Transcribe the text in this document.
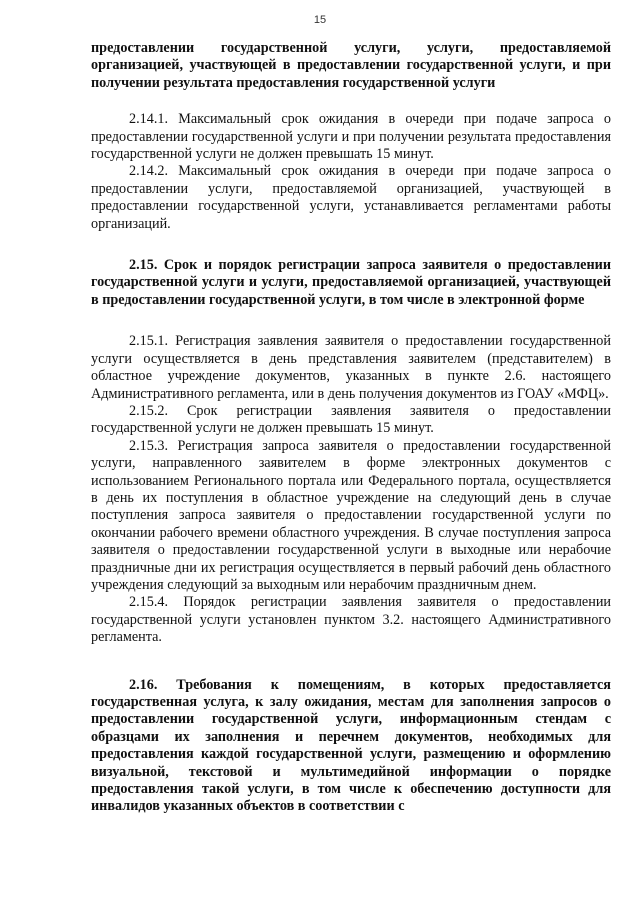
15

предоставлении государственной услуги, услуги, предоставляемой организацией, участвующей в предоставлении государственной услуги, и при получении результата предоставления государственной услуги

2.14.1. Максимальный срок ожидания в очереди при подаче запроса о предоставлении государственной услуги и при получении результата предоставления государственной услуги не должен превышать 15 минут.

2.14.2. Максимальный срок ожидания в очереди при подаче запроса о предоставлении услуги, предоставляемой организацией, участвующей в предоставлении государственной услуги, устанавливается регламентами работы организаций.

2.15. Срок и порядок регистрации запроса заявителя о предоставлении государственной услуги и услуги, предоставляемой организацией, участвующей в предоставлении государственной услуги, в том числе в электронной форме

2.15.1. Регистрация заявления заявителя о предоставлении государственной услуги осуществляется в день представления заявителем (представителем) в областное учреждение документов, указанных в пункте 2.6. настоящего Административного регламента, или в день получения документов из ГОАУ «МФЦ».

2.15.2. Срок регистрации заявления заявителя о предоставлении государственной услуги не должен превышать 15 минут.

2.15.3. Регистрация запроса заявителя о предоставлении государственной услуги, направленного заявителем в форме электронных документов с использованием Регионального портала или Федерального портала, осуществляется в день их поступления в областное учреждение на следующий день в случае поступления запроса заявителя о предоставлении государственной услуги по окончании рабочего времени областного учреждения. В случае поступления запроса заявителя о предоставлении государственной услуги в выходные или нерабочие праздничные дни их регистрация осуществляется в первый рабочий день областного учреждения следующий за выходным или нерабочим праздничным днем.

2.15.4. Порядок регистрации заявления заявителя о предоставлении государственной услуги установлен пунктом 3.2. настоящего Административного регламента.

2.16. Требования к помещениям, в которых предоставляется государственная услуга, к залу ожидания, местам для заполнения запросов о предоставлении государственной услуги, информационным стендам с образцами их заполнения и перечнем документов, необходимых для предоставления каждой государственной услуги, размещению и оформлению визуальной, текстовой и мультимедийной информации о порядке предоставления такой услуги, в том числе к обеспечению доступности для инвалидов указанных объектов в соответствии с
